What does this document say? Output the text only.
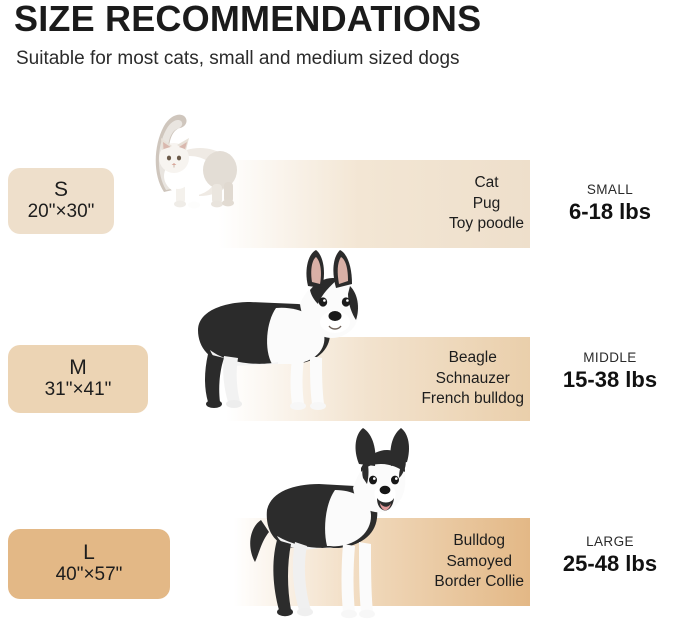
SIZE RECOMMENDATIONS
Suitable for most cats, small and medium sized dogs
Cat
Pug
Toy poodle
S
20"×30"
SMALL
6-18 lbs
Beagle
Schnauzer
French bulldog
M
31"×41"
MIDDLE
15-38 lbs
Bulldog
Samoyed
Border Collie
L
40"×57"
LARGE
25-48 lbs
